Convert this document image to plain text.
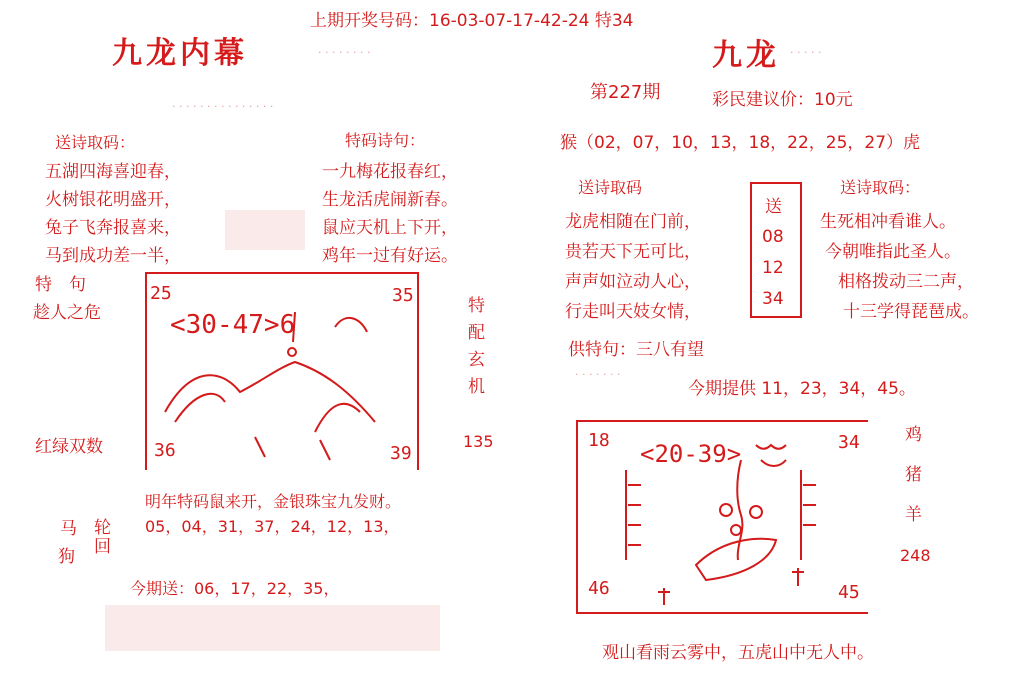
上期开奖号码：16-03-07-17-42-24 特34
九龙内幕	· · · · · · · ·
· · · · · · · · · · · · · · ·
送诗取码：
五湖四海喜迎春，
火树银花明盛开，
兔子飞奔报喜来，
马到成功差一半，
特码诗句：
一九梅花报春红，
生龙活虎闹新春。
鼠应天机上下开，
鸡年一过有好运。
特　句
趁人之危
红绿双数
25	35
36	39
<30-47>6	特配玄机
135
明年特码鼠来开，金银珠宝九发财。
05，04，31，37，24，12，13，
马
狗
轮回
今期送：06，17，22，35，
九龙 · · · · ·
第227期	彩民建议价：10元
猴（02，07，10，13，18，22，25，27）虎
送诗取码
龙虎相随在门前，
贵若天下无可比，
声声如泣动人心，
行走叫天妓女情，
送
08
12
34
送诗取码：
生死相冲看谁人。
今朝唯指此圣人。
相格拨动三二声，
十三学得琵琶成。
供特句：三八有望
· · · · · · ·
今期提供 11，23，34，45。
18	34
46	45
<20-39>
鸡
猪
羊
248
观山看雨云雾中，五虎山中无人中。
